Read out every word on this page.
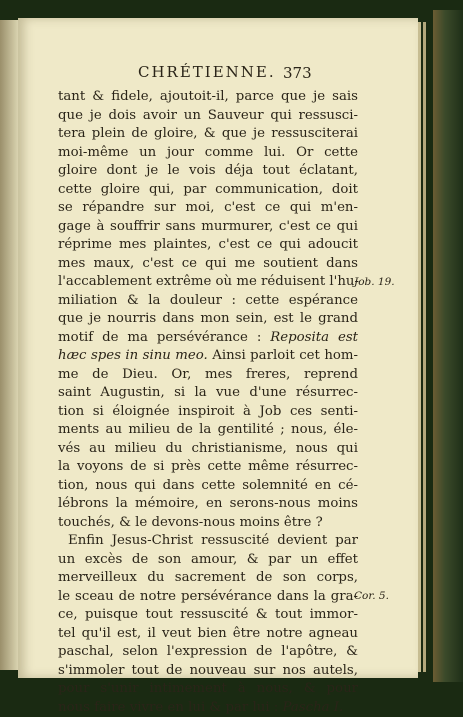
CHRÉTIENNE. 373
tant & fidele, ajoutoit-il, parce que je sais
que je dois avoir un Sauveur qui ressusci-
tera plein de gloire, & que je ressusciterai
moi-même un jour comme lui. Or cette
gloire dont je le vois déja tout éclatant,
cette gloire qui, par communication, doit
se répandre sur moi, c'est ce qui m'en-
gage à souffrir sans murmurer, c'est ce qui
réprime mes plaintes, c'est ce qui adoucit
mes maux, c'est ce qui me soutient dans
l'accablement extrême où me réduisent l'hu-
miliation & la douleur : cette espérance
que je nourris dans mon sein, est le grand
motif de ma persévérance : Reposita est
hæc spes in sinu meo. Ainsi parloit cet hom-
me de Dieu. Or, mes freres, reprend
saint Augustin, si la vue d'une résurrec-
tion si éloignée inspiroit à Job ces senti-
ments au milieu de la gentilité ; nous, éle-
vés au milieu du christianisme, nous qui
la voyons de si près cette même résurrec-
tion, nous qui dans cette solemnité en cé-
lébrons la mémoire, en serons-nous moins
touchés, & le devons-nous moins être ?
Enfin Jesus-Christ ressuscité devient par
un excès de son amour, & par un effet
merveilleux du sacrement de son corps,
le sceau de notre persévérance dans la gra-
ce, puisque tout ressuscité & tout immor-
tel qu'il est, il veut bien être notre agneau
paschal, selon l'expression de l'apôtre, &
s'immoler tout de nouveau sur nos autels,
pour s'unir intimement à nous, & pour
nous faire vivre en lui & par lui : Pascha I.
Job. 19.
Cor. 5.
